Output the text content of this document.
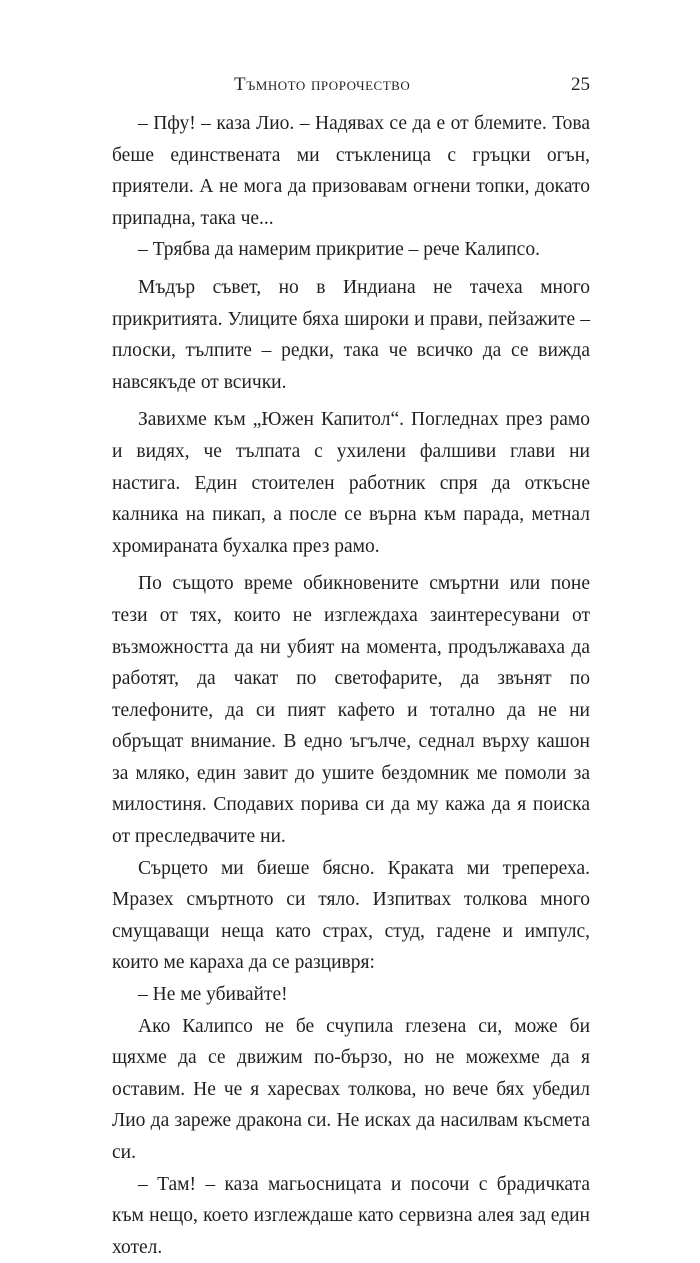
Тъмното пророчество	25

– Пфу! – каза Лио. – Надявах се да е от блемите. Това беше единствената ми стъкленица с гръцки огън, приятели. А не мога да призовавам огнени топки, докато припадна, така че...

– Трябва да намерим прикритие – рече Калипсо.

Мъдър съвет, но в Индиана не тачеха много прикритията. Улиците бяха широки и прави, пейзажите – плоски, тълпите – редки, така че всичко да се вижда навсякъде от всички.

Завихме към „Южен Капитол“. Погледнах през рамо и видях, че тълпата с ухилени фалшиви глави ни настига. Един стоителен работник спря да откъсне калника на пикап, а после се върна към парада, метнал хромираната бухалка през рамо.

По същото време обикновените смъртни или поне тези от тях, които не изглеждаха заинтересувани от възможността да ни убият на момента, продължаваха да работят, да чакат по светофарите, да звънят по телефоните, да си пият кафето и тотално да не ни обръщат внимание. В едно ъгълче, седнал върху кашон за мляко, един завит до ушите бездомник ме помоли за милостиня. Сподавих порива си да му кажа да я поиска от преследвачите ни.

Сърцето ми биеше бясно. Краката ми трепереха. Мразех смъртното си тяло. Изпитвах толкова много смущаващи неща като страх, студ, гадене и импулс, които ме караха да се разцивря:

– Не ме убивайте!

Ако Калипсо не бе счупила глезена си, може би щяхме да се движим по-бързо, но не можехме да я оставим. Не че я харесвах толкова, но вече бях убедил Лио да зареже дракона си. Не исках да насилвам късмета си.

– Там! – каза магьосницата и посочи с брадичката към нещо, което изглеждаше като сервизна алея зад един хотел.
